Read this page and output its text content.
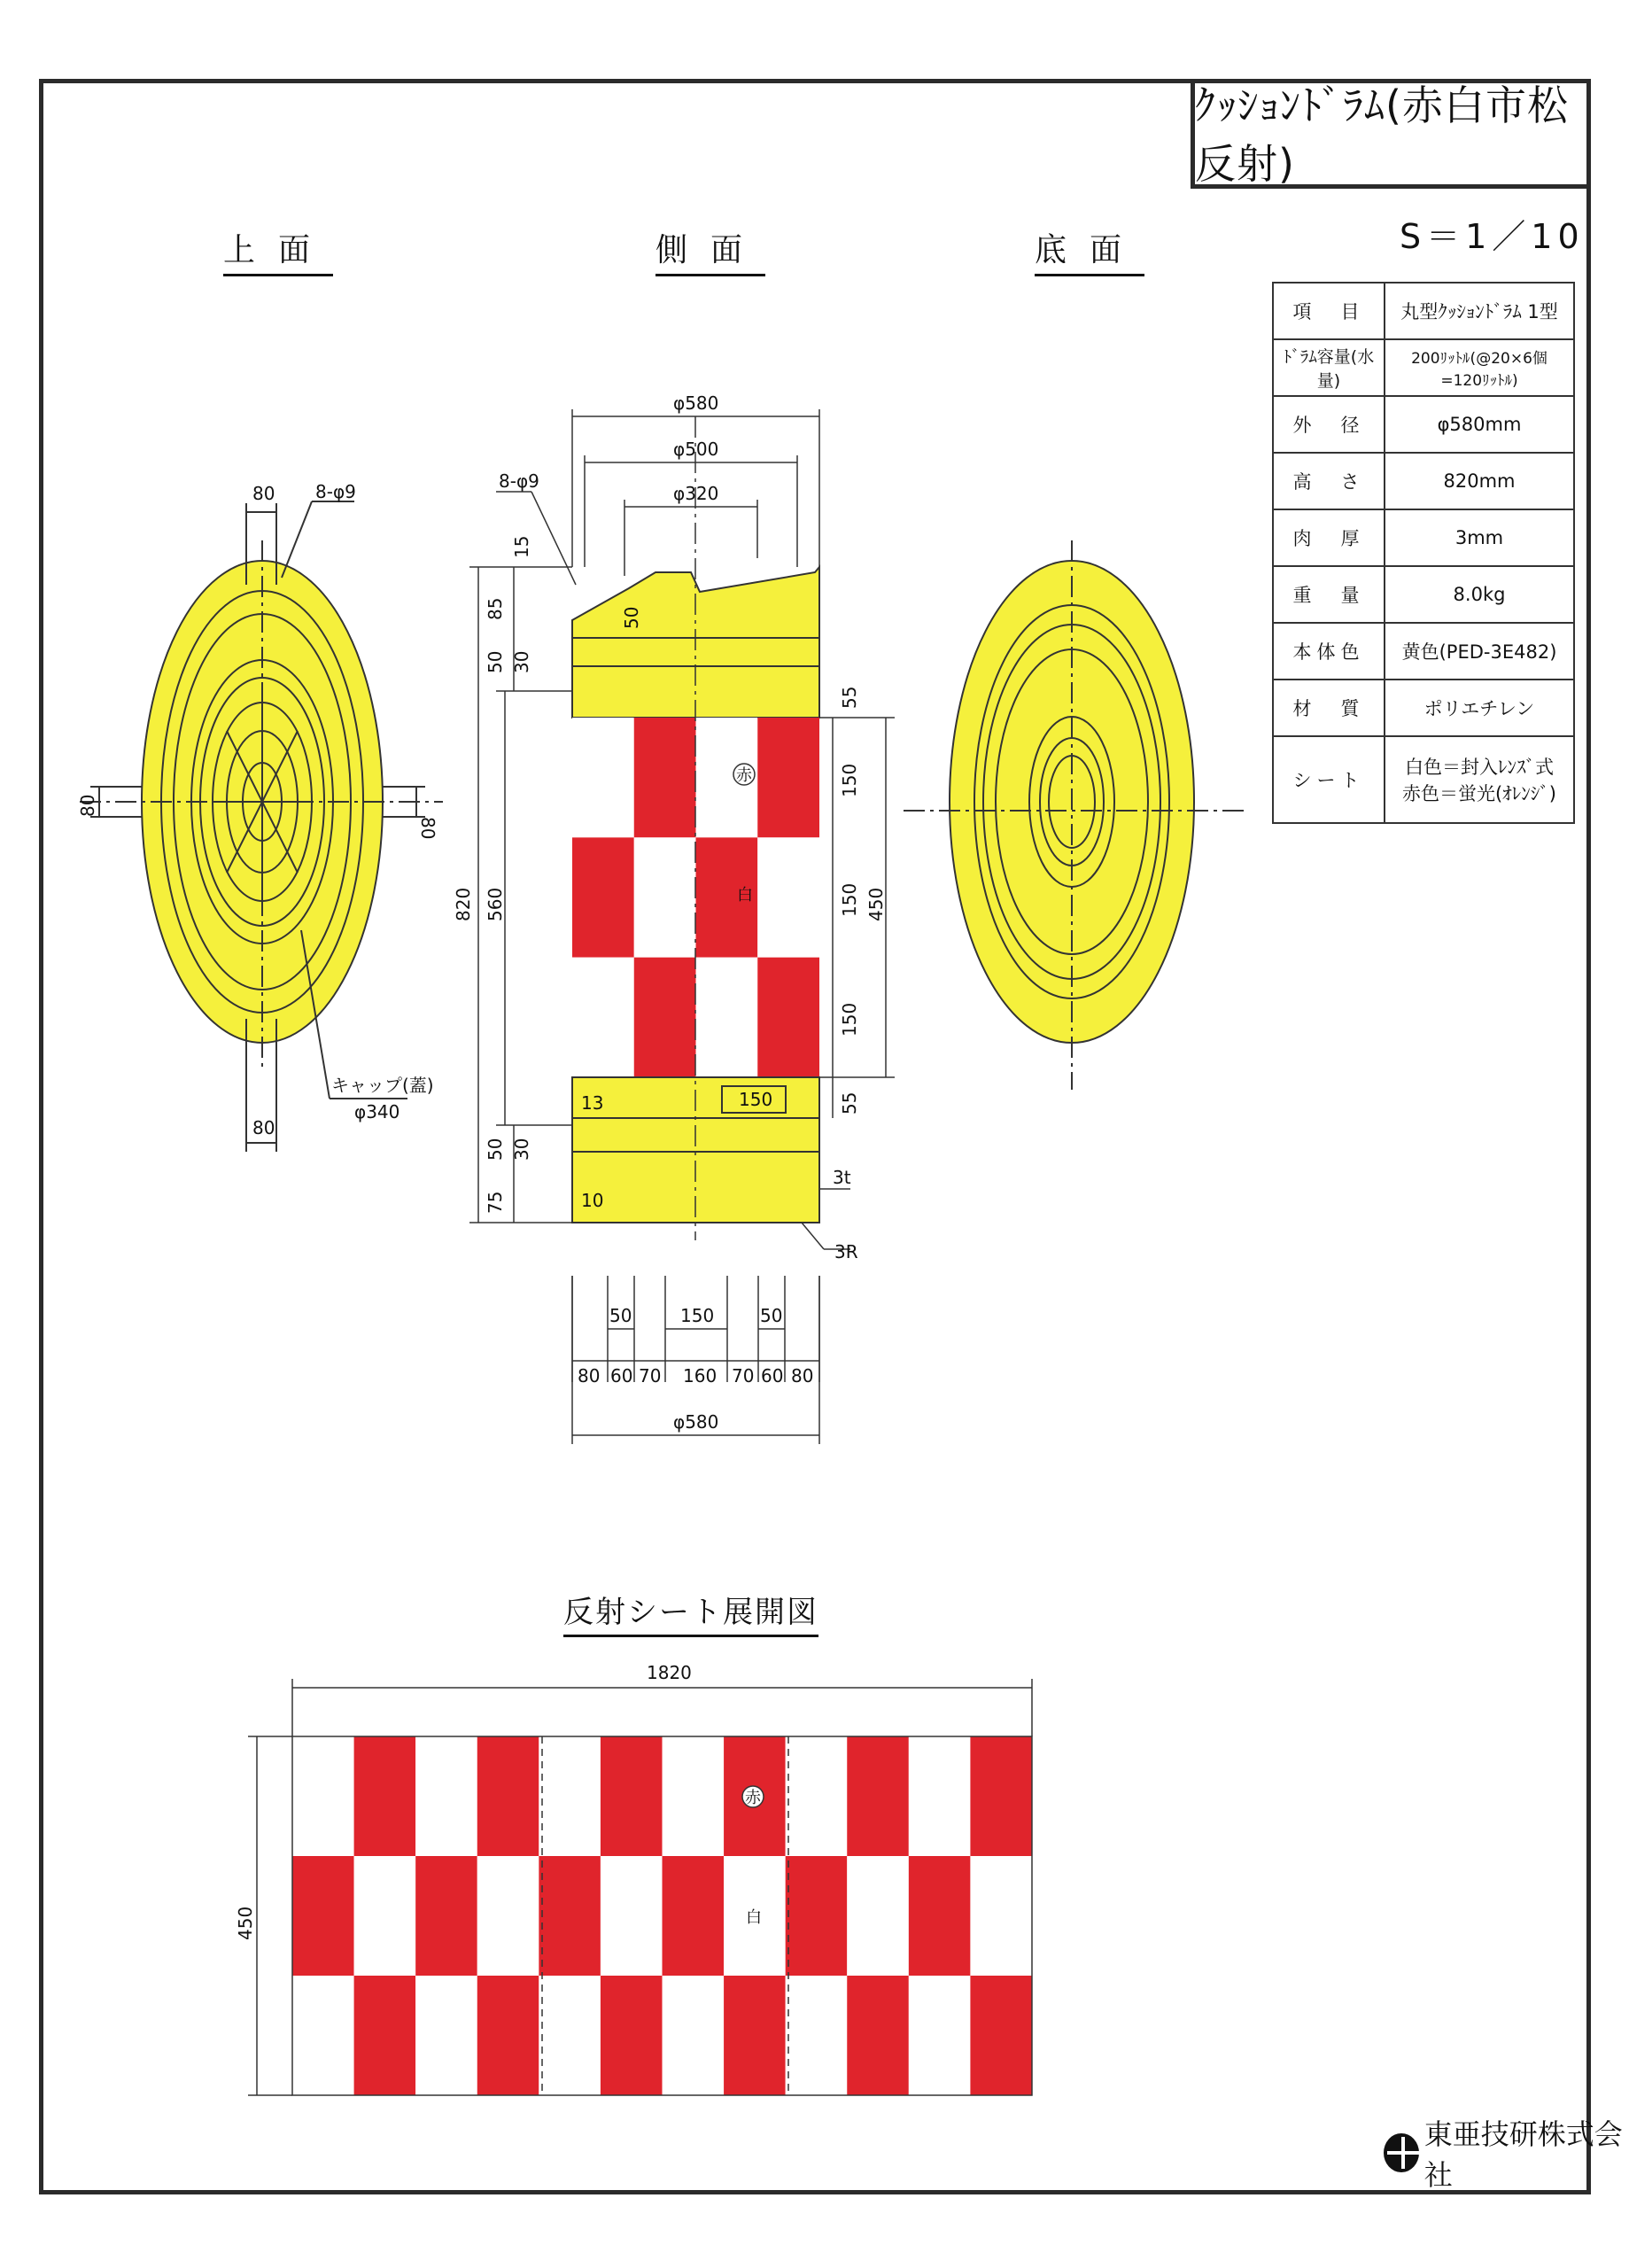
ｸｯｼｮﾝﾄﾞﾗﾑ(赤白市松反射)
S＝1／10
上面	側面	底面
項　目	丸型ｸｯｼｮﾝﾄﾞﾗﾑ 1型
ﾄﾞﾗﾑ容量(水量)	200ﾘｯﾄﾙ(@20×6個=120ﾘｯﾄﾙ)
外　径	φ580mm
高　さ	820mm
肉　厚	3mm
重　量	8.0kg
本体色	黄色(PED-3E482)
材　質	ポリエチレン
シート	白色＝封入ﾚﾝｽﾞ式
赤色＝蛍光(ｵﾚﾝｼﾞ)
80 8-φ9
80
80
80
キャップ(蓋)
φ340
φ580
φ500
φ320
8-φ9
15
85
50 30
50
820 560
50 30
75
55
150
150
150
55
450
150
3t
3R
13
10
赤
白
50	150	50
80 60 70 160 70 60 80
φ580
1820
450
赤
白
反射シート展開図
東亜技研株式会社
